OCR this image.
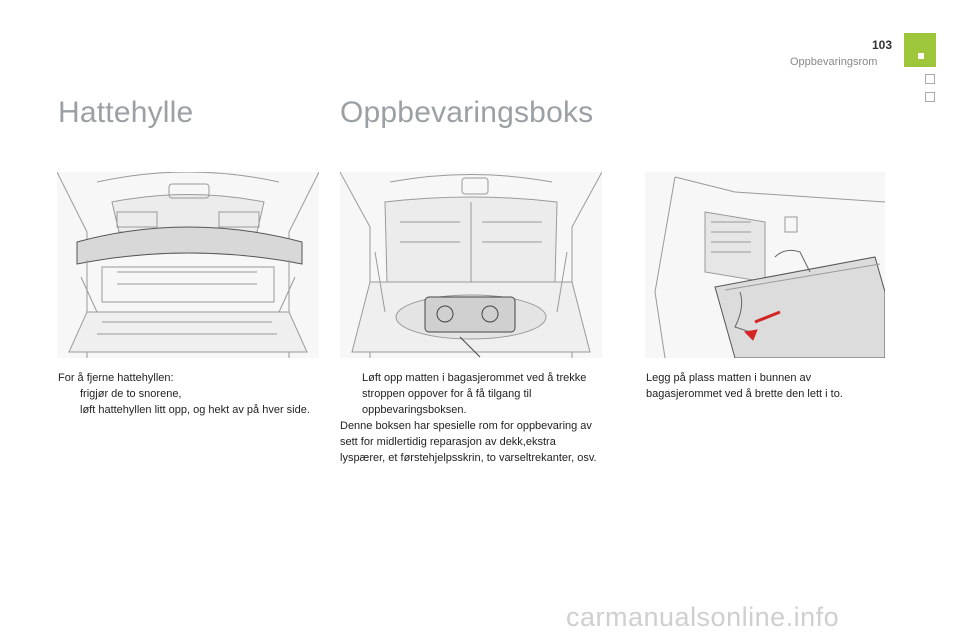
103
Oppbevaringsrom
Hattehylle	Oppbevaringsboks

For å fjerne hattehyllen:

frigjør de to snorene,

løft hattehyllen litt opp, og hekt av på hver side.

Løft opp matten i bagasjerommet ved å trekke stroppen oppover for å få tilgang til oppbevaringsboksen.

Denne boksen har spesielle rom for oppbevaring av sett for midlertidig reparasjon av dekk,ekstra lyspærer, et førstehjelpsskrin, to varseltrekanter, osv.

Legg på plass matten i bunnen av bagasjerommet ved å brette den lett i to.

carmanualsonline.info
